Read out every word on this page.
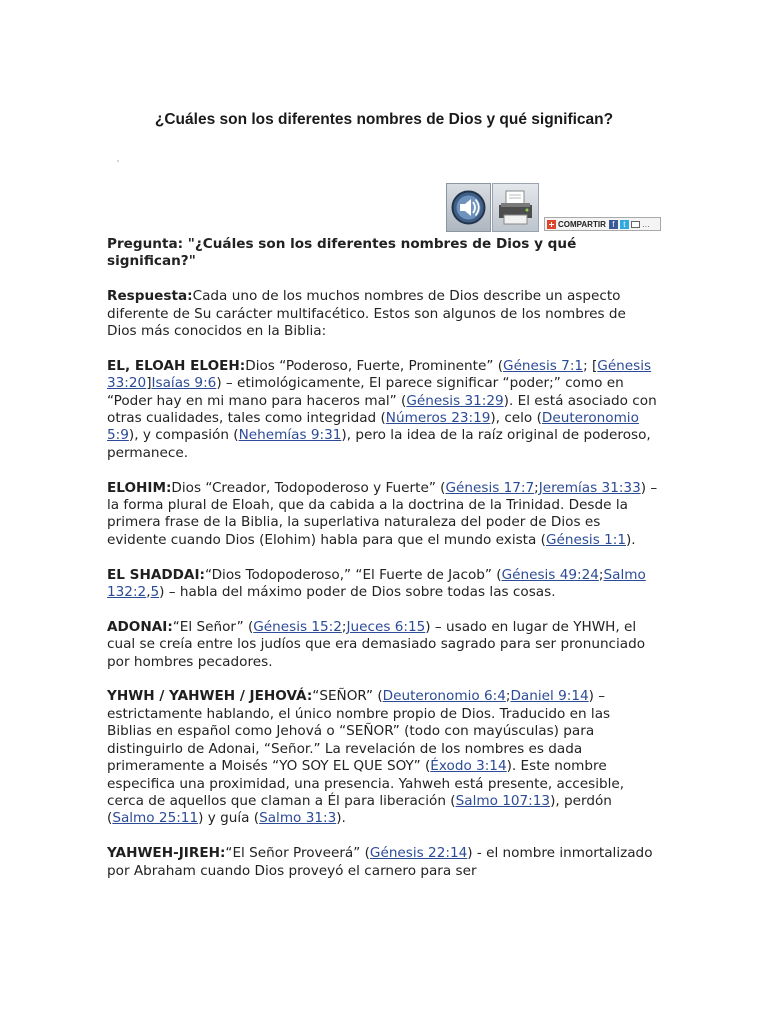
¿Cuáles son los diferentes nombres de Dios y qué significan?
COMPARTIR f	t	…

Pregunta: "¿Cuáles son los diferentes nombres de Dios y qué significan?"

Respuesta:Cada uno de los muchos nombres de Dios describe un aspecto diferente de Su carácter multifacético. Estos son algunos de los nombres de Dios más conocidos en la Biblia:

EL, ELOAH ELOEH:Dios “Poderoso, Fuerte, Prominente” (Génesis 7:1; [Génesis 33:20]Isaías 9:6) – etimológicamente, El parece significar “poder;” como en “Poder hay en mi mano para haceros mal” (Génesis 31:29). El está asociado con otras cualidades, tales como integridad (Números 23:19), celo (Deuteronomio 5:9), y compasión (Nehemías 9:31), pero la idea de la raíz original de poderoso, permanece.

ELOHIM:Dios “Creador, Todopoderoso y Fuerte” (Génesis 17:7;Jeremías 31:33) – la forma plural de Eloah, que da cabida a la doctrina de la Trinidad. Desde la primera frase de la Biblia, la superlativa naturaleza del poder de Dios es evidente cuando Dios (Elohim) habla para que el mundo exista (Génesis 1:1).

EL SHADDAI:“Dios Todopoderoso,” “El Fuerte de Jacob” (Génesis 49:24;Salmo 132:2,5) – habla del máximo poder de Dios sobre todas las cosas.

ADONAI:“El Señor” (Génesis 15:2;Jueces 6:15) – usado en lugar de YHWH, el cual se creía entre los judíos que era demasiado sagrado para ser pronunciado por hombres pecadores.

YHWH / YAHWEH / JEHOVÁ:“SEÑOR” (Deuteronomio 6:4;Daniel 9:14) – estrictamente hablando, el único nombre propio de Dios. Traducido en las Biblias en español como Jehová o “SEÑOR” (todo con mayúsculas) para distinguirlo de Adonai, “Señor.” La revelación de los nombres es dada primeramente a Moisés “YO SOY EL QUE SOY” (Éxodo 3:14). Este nombre especifica una proximidad, una presencia. Yahweh está presente, accesible, cerca de aquellos que claman a Él para liberación (Salmo 107:13), perdón (Salmo 25:11) y guía (Salmo 31:3).

YAHWEH-JIREH:“El Señor Proveerá” (Génesis 22:14) - el nombre inmortalizado por Abraham cuando Dios proveyó el carnero para ser
